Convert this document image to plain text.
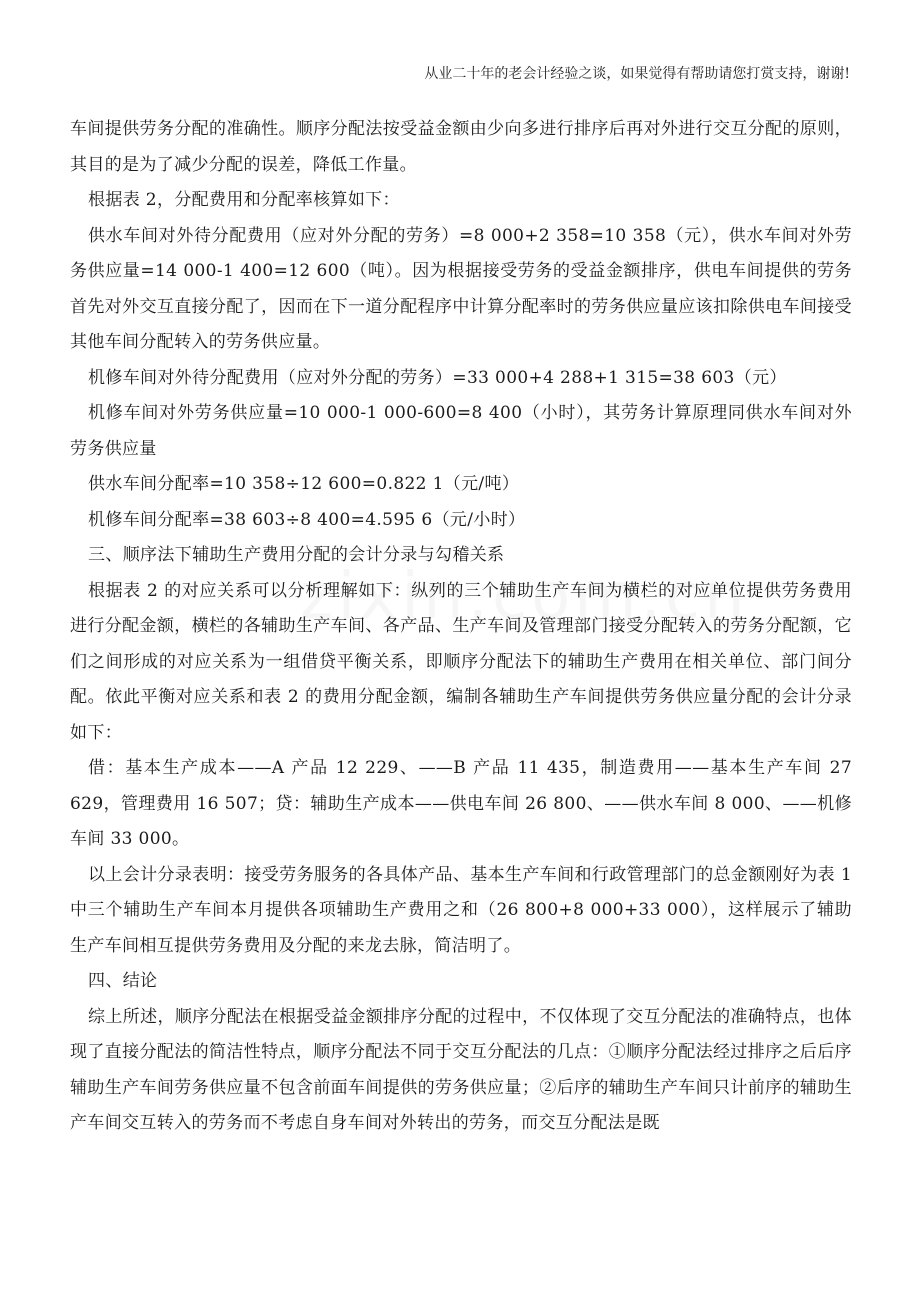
从业二十年的老会计经验之谈，如果觉得有帮助请您打赏支持，谢谢!

车间提供劳务分配的准确性。顺序分配法按受益金额由少向多进行排序后再对外进行交互分配的原则，其目的是为了减少分配的误差，降低工作量。

根据表 2，分配费用和分配率核算如下：

供水车间对外待分配费用（应对外分配的劳务）=8 000+2 358=10 358（元），供水车间对外劳务供应量=14 000-1 400=12 600（吨）。因为根据接受劳务的受益金额排序，供电车间提供的劳务首先对外交互直接分配了，因而在下一道分配程序中计算分配率时的劳务供应量应该扣除供电车间接受其他车间分配转入的劳务供应量。

机修车间对外待分配费用（应对外分配的劳务）=33 000+4 288+1 315=38 603（元）

机修车间对外劳务供应量=10 000-1 000-600=8 400（小时），其劳务计算原理同供水车间对外劳务供应量

供水车间分配率=10 358÷12 600=0.822 1（元/吨）

机修车间分配率=38 603÷8 400=4.595 6（元/小时）

三、顺序法下辅助生产费用分配的会计分录与勾稽关系

根据表 2 的对应关系可以分析理解如下：纵列的三个辅助生产车间为横栏的对应单位提供劳务费用进行分配金额，横栏的各辅助生产车间、各产品、生产车间及管理部门接受分配转入的劳务分配额，它们之间形成的对应关系为一组借贷平衡关系，即顺序分配法下的辅助生产费用在相关单位、部门间分配。依此平衡对应关系和表 2 的费用分配金额，编制各辅助生产车间提供劳务供应量分配的会计分录如下：

借：基本生产成本——A 产品 12 229、——B 产品 11 435，制造费用——基本生产车间 27 629，管理费用 16 507；贷：辅助生产成本——供电车间 26 800、——供水车间 8 000、——机修车间 33 000。

以上会计分录表明：接受劳务服务的各具体产品、基本生产车间和行政管理部门的总金额刚好为表 1 中三个辅助生产车间本月提供各项辅助生产费用之和（26 800+8 000+33 000），这样展示了辅助生产车间相互提供劳务费用及分配的来龙去脉，简洁明了。

四、结论

综上所述，顺序分配法在根据受益金额排序分配的过程中，不仅体现了交互分配法的准确特点，也体现了直接分配法的简洁性特点，顺序分配法不同于交互分配法的几点：①顺序分配法经过排序之后后序辅助生产车间劳务供应量不包含前面车间提供的劳务供应量；②后序的辅助生产车间只计前序的辅助生产车间交互转入的劳务而不考虑自身车间对外转出的劳务，而交互分配法是既
